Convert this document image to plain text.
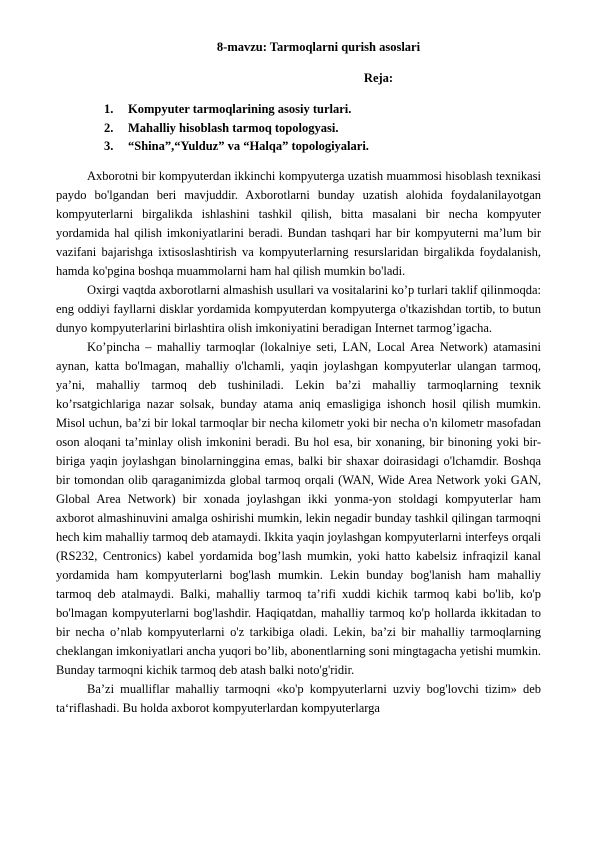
8-mavzu: Tarmoqlarni qurish asoslari
Reja:
1. Kompyuter tarmoqlarining asosiy turlari.
2. Mahalliy hisoblash tarmoq topologyasi.
3. “Shina”,“Yulduz” va “Halqa” topologiyalari.

Axborotni bir kompyuterdan ikkinchi kompyuterga uzatish muammosi hisoblash texnikasi paydo bo'lgandan beri mavjuddir. Axborotlarni bunday uzatish alohida foydalanilayotgan kompyuterlarni birgalikda ishlashini tashkil qilish, bitta masalani bir necha kompyuter yordamida hal qilish imkoniyatlarini beradi. Bundan tashqari har bir kompyuterni ma’lum bir vazifani bajarishga ixtisoslashtirish va kompyuterlarning resurslaridan birgalikda foydalanish, hamda ko'pgina boshqa muammolarni ham hal qilish mumkin bo'ladi.

Oxirgi vaqtda axborotlarni almashish usullari va vositalarini ko’p turlari taklif qilinmoqda: eng oddiyi fayllarni disklar yordamida kompyuterdan kompyuterga o'tkazishdan tortib, to butun dunyo kompyuterlarini birlashtira olish imkoniyatini beradigan Internet tarmog’igacha.

Ko’pincha – mahalliy tarmoqlar (lokalniye seti, LAN, Local Area Network) atamasini aynan, katta bo'lmagan, mahalliy o'lchamli, yaqin joylashgan kompyuterlar ulangan tarmoq, ya’ni, mahalliy tarmoq deb tushiniladi. Lekin ba’zi mahalliy tarmoqlarning texnik ko’rsatgichlariga nazar solsak, bunday atama aniq emasligiga ishonch hosil qilish mumkin. Misol uchun, ba’zi bir lokal tarmoqlar bir necha kilometr yoki bir necha o'n kilometr masofadan oson aloqani ta’minlay olish imkonini beradi. Bu hol esa, bir xonaning, bir binoning yoki bir-biriga yaqin joylashgan binolarninggina emas, balki bir shaxar doirasidagi o'lchamdir. Boshqa bir tomondan olib qaraganimizda global tarmoq orqali (WAN, Wide Area Network yoki GAN, Global Area Network) bir xonada joylashgan ikki yonma-yon stoldagi kompyuterlar ham axborot almashinuvini amalga oshirishi mumkin, lekin negadir bunday tashkil qilingan tarmoqni hech kim mahalliy tarmoq deb atamaydi. Ikkita yaqin joylashgan kompyuterlarni interfeys orqali (RS232, Centronics) kabel yordamida bog’lash mumkin, yoki hatto kabelsiz infraqizil kanal yordamida ham kompyuterlarni bog'lash mumkin. Lekin bunday bog'lanish ham mahalliy tarmoq deb atalmaydi. Balki, mahalliy tarmoq ta’rifi xuddi kichik tarmoq kabi bo'lib, ko'p bo'lmagan kompyuterlarni bog'lashdir. Haqiqatdan, mahalliy tarmoq ko'p hollarda ikkitadan to bir necha o’nlab kompyuterlarni o'z tarkibiga oladi. Lekin, ba’zi bir mahalliy tarmoqlarning cheklangan imkoniyatlari ancha yuqori bo’lib, abonentlarning soni mingtagacha yetishi mumkin. Bunday tarmoqni kichik tarmoq deb atash balki noto'g'ridir.

Ba’zi mualliflar mahalliy tarmoqni «ko'p kompyuterlarni uzviy bog'lovchi tizim» deb ta‘riflashadi. Bu holda axborot kompyuterlardan kompyuterlarga
